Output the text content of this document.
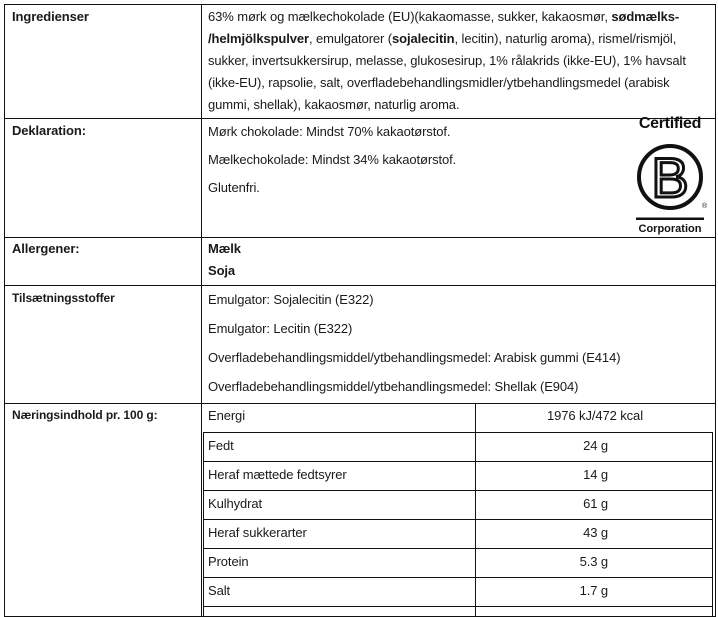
Ingredienser	63% mørk og mælkechokolade (EU)(kakaomasse, sukker, kakaosmør, sødmælks-
/helmjölkspulver, emulgatorer (sojalecitin, lecitin), naturlig aroma), rismel/rismjöl,
sukker, invertsukkersirup, melasse, glukosesirup, 1% rålakrids (ikke-EU), 1% havsalt
(ikke-EU), rapsolie, salt, overfladebehandlingsmidler/ytbehandlingsmedel (arabisk
gummi, shellak), kakaosmør, naturlig aroma.
Deklaration:	Mørk chokolade: Mindst 70% kakaotørstof.
Mælkechokolade: Mindst 34% kakaotørstof.
Glutenfri.
Certified
B ®
Corporation
Allergener:	Mælk
Soja
Tilsætningsstoffer	Emulgator: Sojalecitin (E322)
Emulgator: Lecitin (E322)
Overfladebehandlingsmiddel/ytbehandlingsmedel: Arabisk gummi (E414)
Overfladebehandlingsmiddel/ytbehandlingsmedel: Shellak (E904)
Næringsindhold pr. 100 g:	Energi	1976 kJ/472 kcal
Fedt	24 g
Heraf mættede fedtsyrer	14 g
Kulhydrat	61 g
Heraf sukkerarter	43 g
Protein	5.3 g
Salt	1.7 g
